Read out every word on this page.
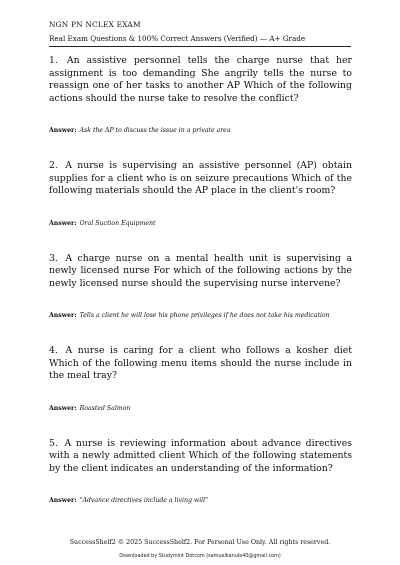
NGN PN NCLEX EXAM
Real Exam Questions & 100% Correct Answers (Verified) — A+ Grade

1. An assistive personnel tells the charge nurse that her assignment is too demanding She angrily tells the nurse to reassign one of her tasks to another AP Which of the following actions should the nurse take to resolve the conflict?

Answer: Ask the AP to discuss the issue in a private area

2. A nurse is supervising an assistive personnel (AP) obtain supplies for a client who is on seizure precautions Which of the following materials should the AP place in the client's room?

Answer: Oral Suction Equipment

3. A charge nurse on a mental health unit is supervising a newly licensed nurse For which of the following actions by the newly licensed nurse should the supervising nurse intervene?

Answer: Tells a client he will lose his phone privileges if he does not take his medication

4. A nurse is caring for a client who follows a kosher diet Which of the following menu items should the nurse include in the meal tray?

Answer: Roasted Salmon

5. A nurse is reviewing information about advance directives with a newly admitted client Which of the following statements by the client indicates an understanding of the information?

Answer: "Advance directives include a living will"
SuccessShelf2 © 2025 SuccessShelf2. For Personal Use Only. All rights reserved.
Downloaded by Studymint Dotcom (samuelkanule40@gmail.com)
